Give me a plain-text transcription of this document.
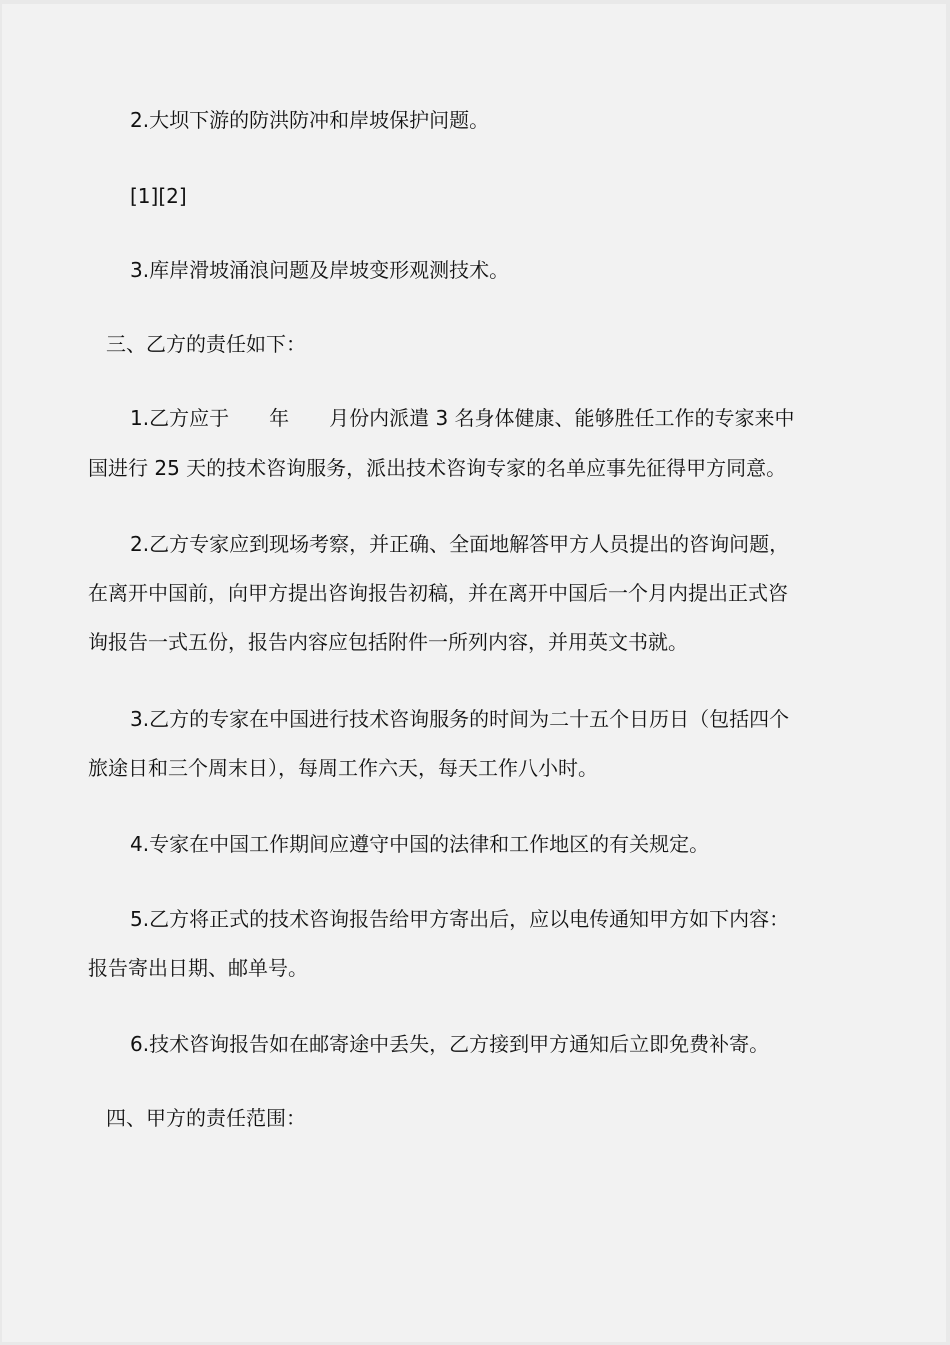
2.大坝下游的防洪防冲和岸坡保护问题。

[1][2]

3.库岸滑坡涌浪问题及岸坡变形观测技术。

三、乙方的责任如下：

1.乙方应于　　年　　月份内派遣 3 名身体健康、能够胜任工作的专家来中

国进行 25 天的技术咨询服务，派出技术咨询专家的名单应事先征得甲方同意。

2.乙方专家应到现场考察，并正确、全面地解答甲方人员提出的咨询问题，

在离开中国前，向甲方提出咨询报告初稿，并在离开中国后一个月内提出正式咨

询报告一式五份，报告内容应包括附件一所列内容，并用英文书就。

3.乙方的专家在中国进行技术咨询服务的时间为二十五个日历日（包括四个

旅途日和三个周末日），每周工作六天，每天工作八小时。

4.专家在中国工作期间应遵守中国的法律和工作地区的有关规定。

5.乙方将正式的技术咨询报告给甲方寄出后，应以电传通知甲方如下内容：

报告寄出日期、邮单号。

6.技术咨询报告如在邮寄途中丢失，乙方接到甲方通知后立即免费补寄。

四、甲方的责任范围：
